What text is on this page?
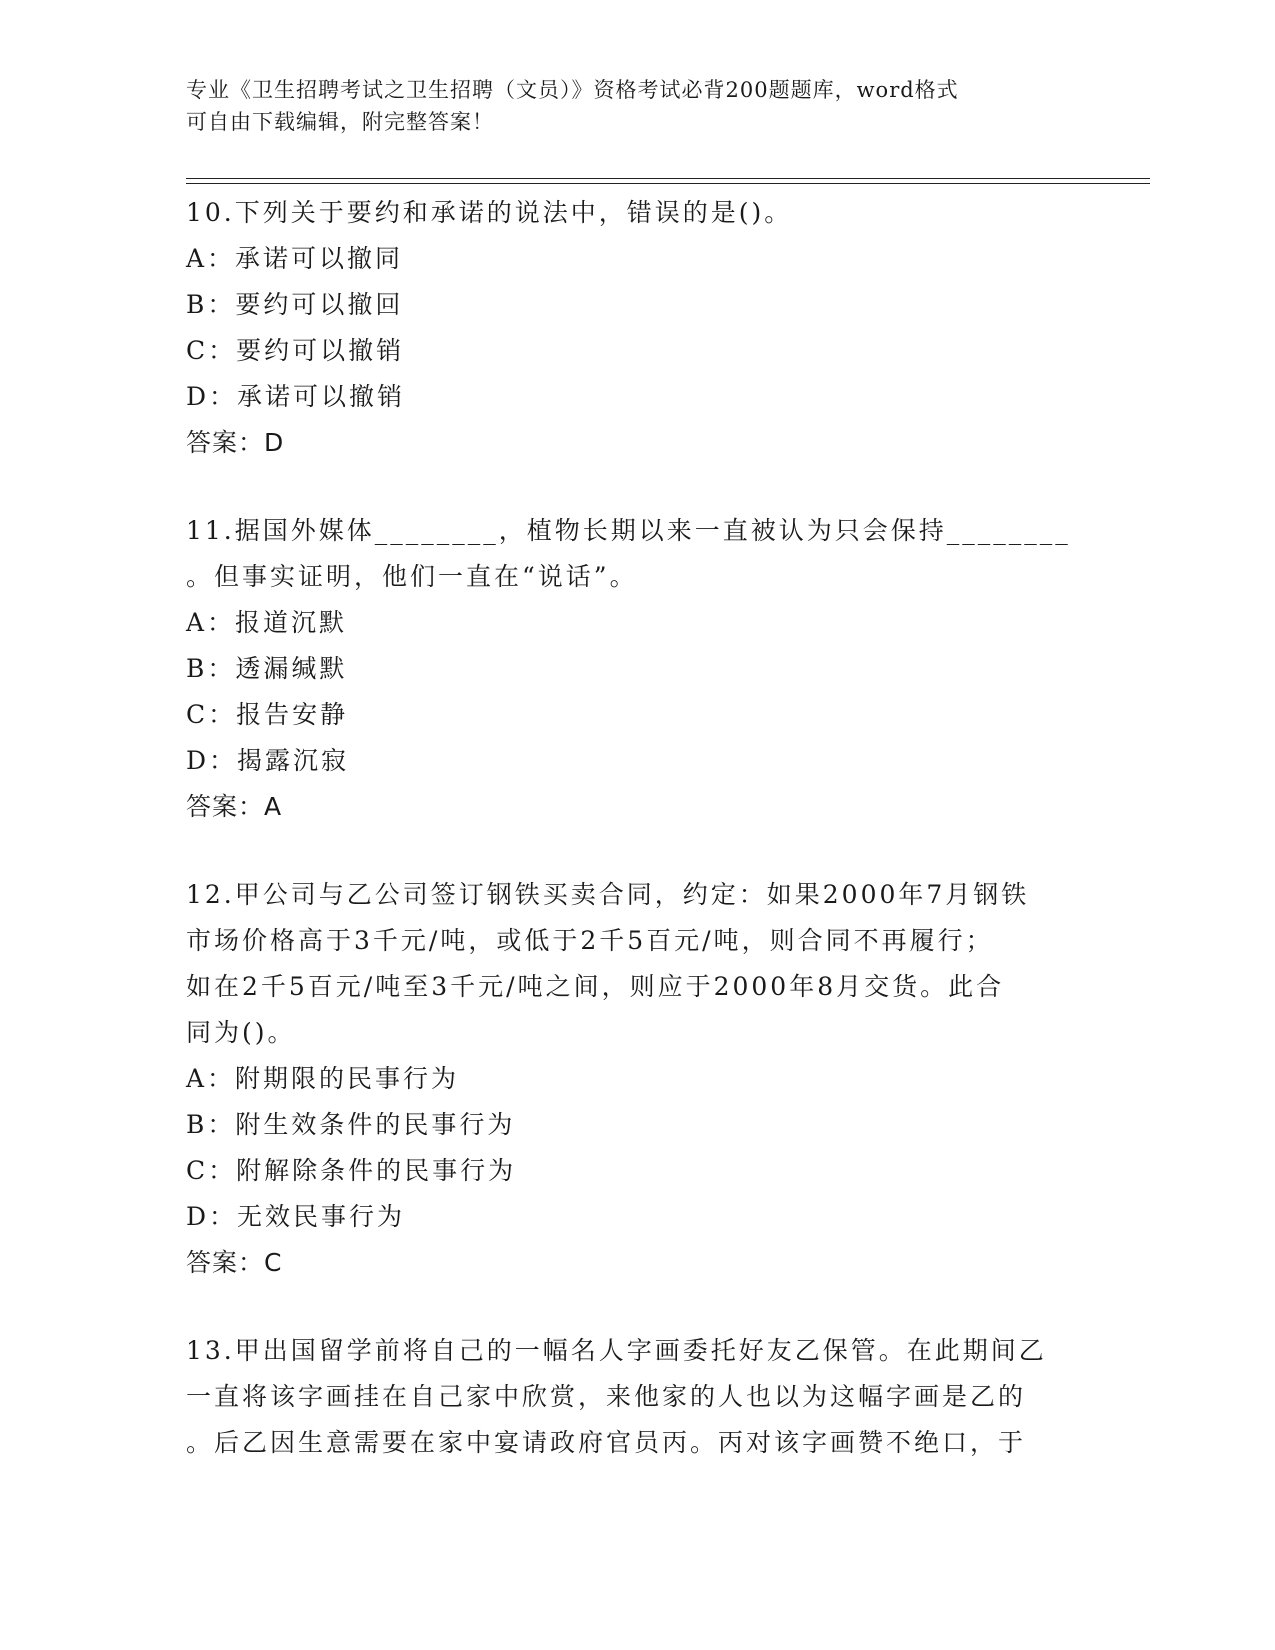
专业《卫生招聘考试之卫生招聘（文员）》资格考试必背200题题库，word格式
可自由下载编辑，附完整答案！
10.下列关于要约和承诺的说法中，错误的是()。
A：承诺可以撤同
B：要约可以撤回
C：要约可以撤销
D：承诺可以撤销
答案：D
11.据国外媒体________，植物长期以来一直被认为只会保持________
。但事实证明，他们一直在“说话”。
A：报道沉默
B：透漏缄默
C：报告安静
D：揭露沉寂
答案：A
12.甲公司与乙公司签订钢铁买卖合同，约定：如果2000年7月钢铁
市场价格高于3千元/吨，或低于2千5百元/吨，则合同不再履行；
如在2千5百元/吨至3千元/吨之间，则应于2000年8月交货。此合
同为()。
A：附期限的民事行为
B：附生效条件的民事行为
C：附解除条件的民事行为
D：无效民事行为
答案：C
13.甲出国留学前将自己的一幅名人字画委托好友乙保管。在此期间乙
一直将该字画挂在自己家中欣赏，来他家的人也以为这幅字画是乙的
。后乙因生意需要在家中宴请政府官员丙。丙对该字画赞不绝口，于
